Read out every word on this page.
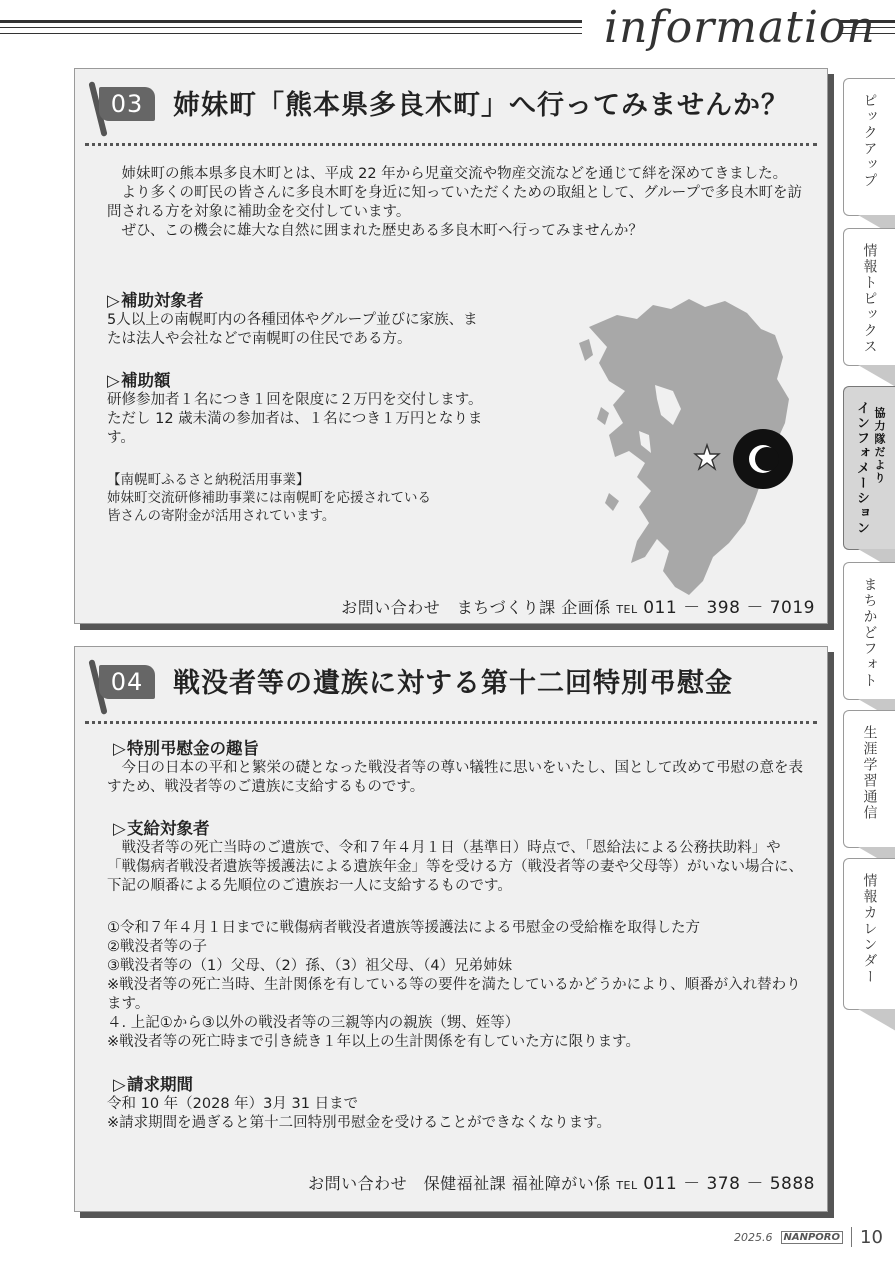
information
ピックアップ
情報トピックス
インフォメーション 協力隊だより
まちかどフォト
生涯学習通信
情報カレンダー
03	姉妹町「熊本県多良木町」へ行ってみませんか？

姉妹町の熊本県多良木町とは、平成 22 年から児童交流や物産交流などを通じて絆を深めてきました。

より多くの町民の皆さんに多良木町を身近に知っていただくための取組として、グループで多良木町を訪問される方を対象に補助金を交付しています。

ぜひ、この機会に雄大な自然に囲まれた歴史ある多良木町へ行ってみませんか？

▷補助対象者
5人以上の南幌町内の各種団体やグループ並びに家族、ま
たは法人や会社などで南幌町の住民である方。
▷補助額
研修参加者１名につき１回を限度に２万円を交付します。
ただし 12 歳未満の参加者は、１名につき１万円となりま
す。
【南幌町ふるさと納税活用事業】
姉妹町交流研修補助事業には南幌町を応援されている
皆さんの寄附金が活用されています。
お問い合わせ　まちづくり課 企画係 TEL 011 － 398 － 7019
04	戦没者等の遺族に対する第十二回特別弔慰金
▷特別弔慰金の趣旨

今日の日本の平和と繁栄の礎となった戦没者等の尊い犠牲に思いをいたし、国として改めて弔慰の意を表すため、戦没者等のご遺族に支給するものです。

▷支給対象者

戦没者等の死亡当時のご遺族で、令和７年４月１日（基準日）時点で、「恩給法による公務扶助料」や「戦傷病者戦没者遺族等援護法による遺族年金」等を受ける方（戦没者等の妻や父母等）がいない場合に、下記の順番による先順位のご遺族お一人に支給するものです。

①令和７年４月１日までに戦傷病者戦没者遺族等援護法による弔慰金の受給権を取得した方
②戦没者等の子
③戦没者等の（1）父母、（2）孫、（3）祖父母、（4）兄弟姉妹
※戦没者等の死亡当時、生計関係を有している等の要件を満たしているかどうかにより、順番が入れ替わります。
４. 上記①から③以外の戦没者等の三親等内の親族（甥、姪等）
※戦没者等の死亡時まで引き続き１年以上の生計関係を有していた方に限ります。
▷請求期間
令和 10 年（2028 年）3月 31 日まで
※請求期間を過ぎると第十二回特別弔慰金を受けることができなくなります。
お問い合わせ　保健福祉課 福祉障がい係 TEL 011 － 378 － 5888
2025.6	NANPORO 10
